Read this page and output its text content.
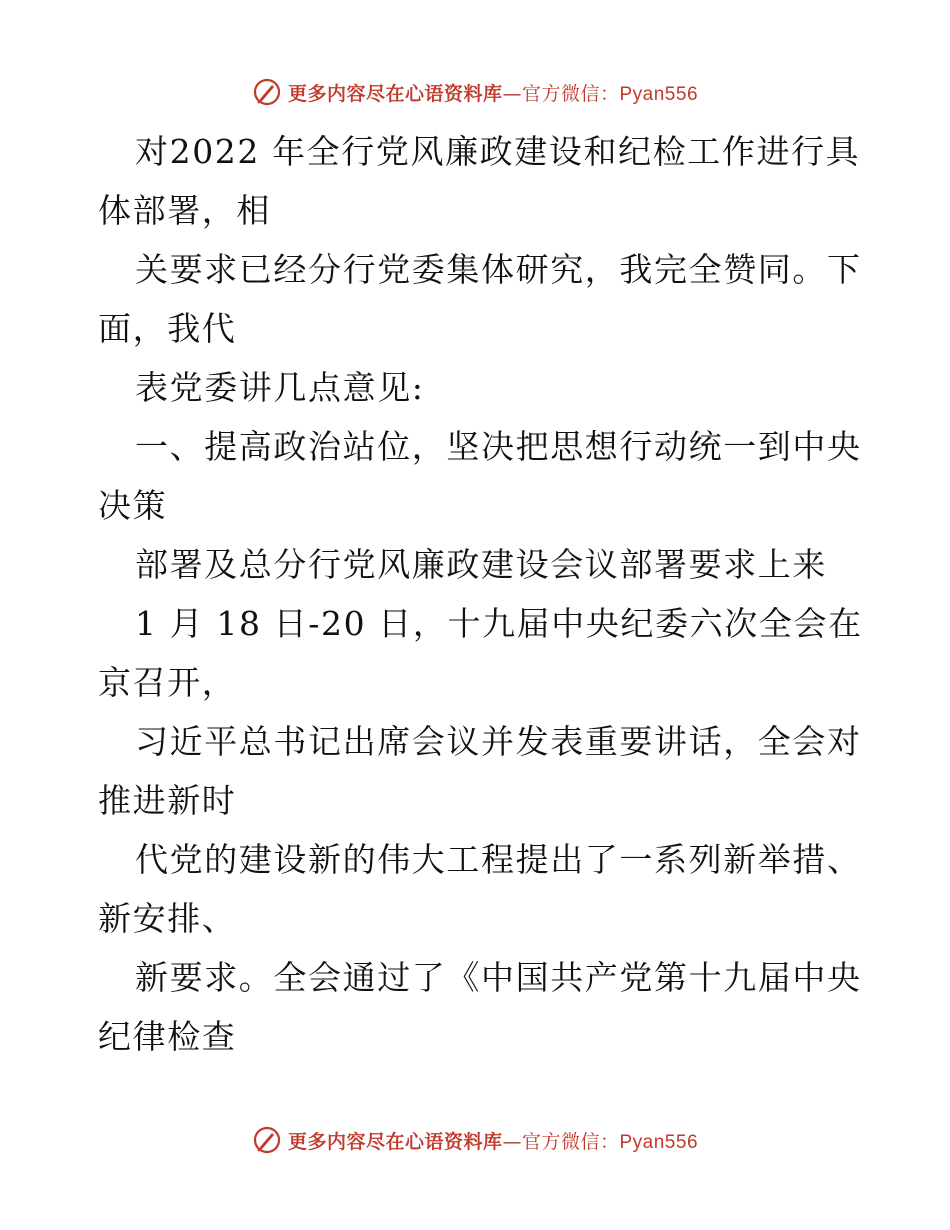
更多内容尽在心语资料库—官方微信：Pyan556
对2022 年全行党风廉政建设和纪检工作进行具
体部署，相
关要求已经分行党委集体研究，我完全赞同。下
面，我代
表党委讲几点意见:
一、提高政治站位，坚决把思想行动统一到中央
决策
部署及总分行党风廉政建设会议部署要求上来
1 月 18 日-20 日，十九届中央纪委六次全会在
京召开，
习近平总书记出席会议并发表重要讲话，全会对
推进新时
代党的建设新的伟大工程提出了一系列新举措、
新安排、
新要求。全会通过了《中国共产党第十九届中央
纪律检查
更多内容尽在心语资料库—官方微信：Pyan556
